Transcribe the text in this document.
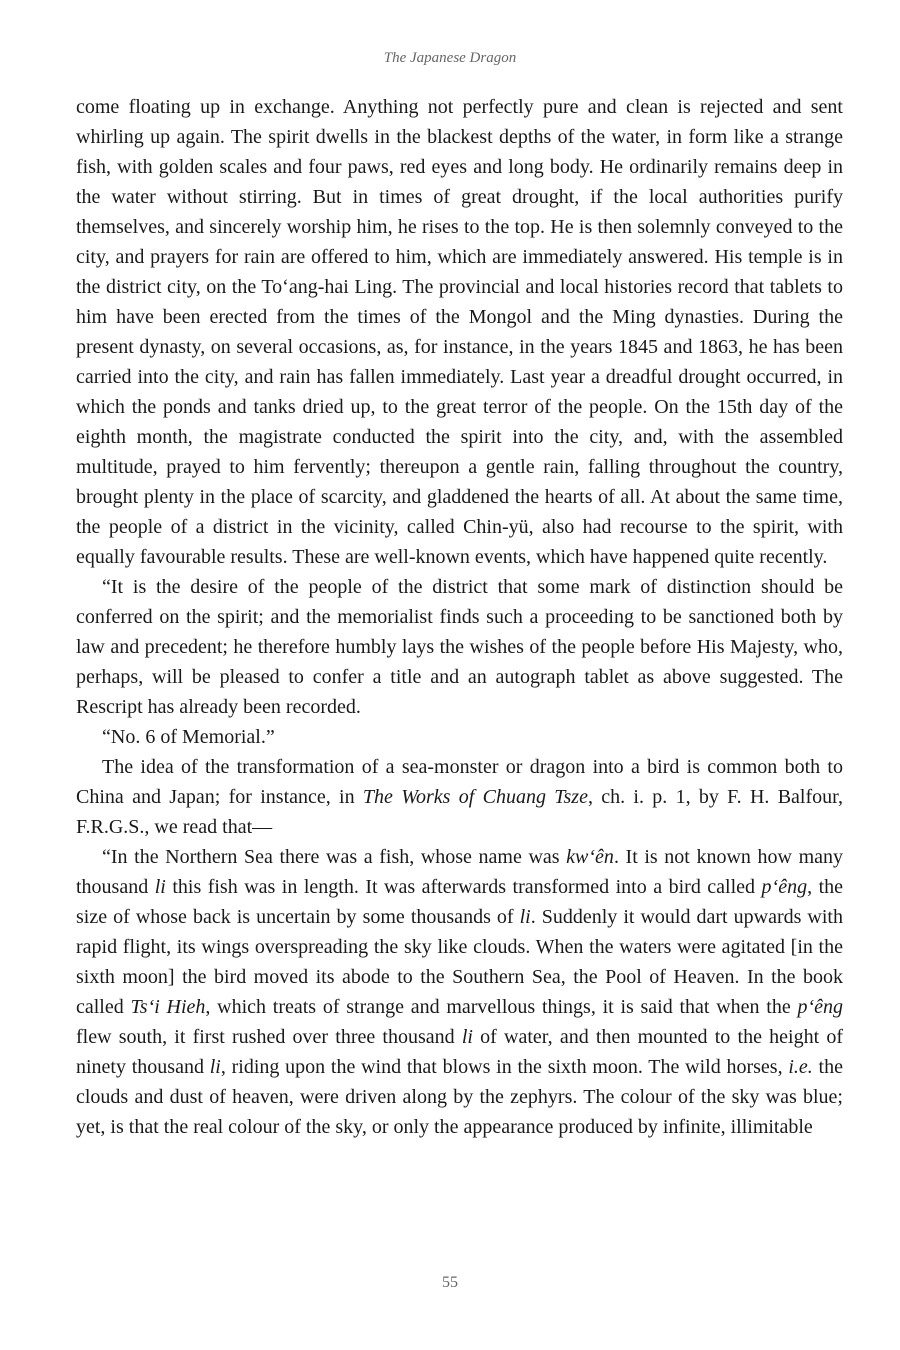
The Japanese Dragon

come floating up in exchange. Anything not perfectly pure and clean is rejected and sent whirling up again. The spirit dwells in the blackest depths of the water, in form like a strange fish, with golden scales and four paws, red eyes and long body. He ordinarily remains deep in the water without stirring. But in times of great drought, if the local authorities purify themselves, and sincerely worship him, he rises to the top. He is then solemnly conveyed to the city, and prayers for rain are offered to him, which are immediately answered. His temple is in the district city, on the To‘ang-hai Ling. The provincial and local histories record that tablets to him have been erected from the times of the Mongol and the Ming dynasties. During the present dynasty, on several occasions, as, for instance, in the years 1845 and 1863, he has been carried into the city, and rain has fallen immediately. Last year a dreadful drought occurred, in which the ponds and tanks dried up, to the great terror of the people. On the 15th day of the eighth month, the magistrate conducted the spirit into the city, and, with the assembled multitude, prayed to him fervently; thereupon a gentle rain, falling throughout the country, brought plenty in the place of scarcity, and gladdened the hearts of all. At about the same time, the people of a district in the vicinity, called Chin-yü, also had recourse to the spirit, with equally favourable results. These are well-known events, which have happened quite recently.

“It is the desire of the people of the district that some mark of distinction should be conferred on the spirit; and the memorialist finds such a proceeding to be sanctioned both by law and precedent; he therefore humbly lays the wishes of the people before His Majesty, who, perhaps, will be pleased to confer a title and an autograph tablet as above suggested. The Rescript has already been recorded.

“No. 6 of Memorial.”

The idea of the transformation of a sea-monster or dragon into a bird is common both to China and Japan; for instance, in The Works of Chuang Tsze, ch. i. p. 1, by F. H. Balfour, F.R.G.S., we read that—

“In the Northern Sea there was a fish, whose name was kw‘ên. It is not known how many thousand li this fish was in length. It was afterwards transformed into a bird called p‘êng, the size of whose back is uncertain by some thousands of li. Suddenly it would dart upwards with rapid flight, its wings overspreading the sky like clouds. When the waters were agitated [in the sixth moon] the bird moved its abode to the Southern Sea, the Pool of Heaven. In the book called Ts‘i Hieh, which treats of strange and marvellous things, it is said that when the p‘êng flew south, it first rushed over three thousand li of water, and then mounted to the height of ninety thousand li, riding upon the wind that blows in the sixth moon. The wild horses, i.e. the clouds and dust of heaven, were driven along by the zephyrs. The colour of the sky was blue; yet, is that the real colour of the sky, or only the appearance produced by infinite, illimitable

55
